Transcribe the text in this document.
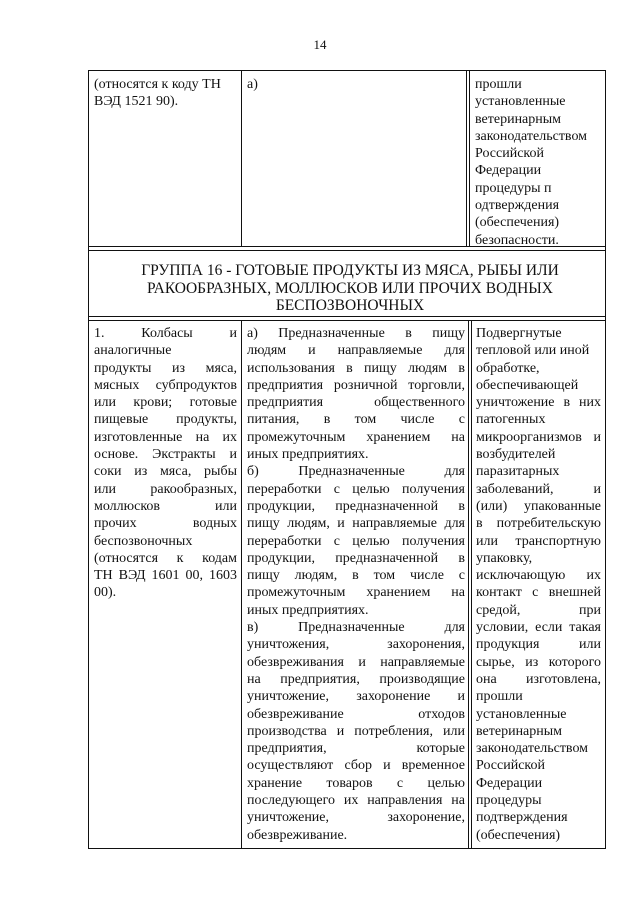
14
(относятся к коду ТН
ВЭД 1521 90).
а)	прошли
установленные
ветеринарным
законодательством
Российской
Федерации
процедуры п
одтверждения
(обеспечения)
безопасности.
ГРУППА 16 - ГОТОВЫЕ ПРОДУКТЫ ИЗ МЯСА, РЫБЫ ИЛИ
РАКООБРАЗНЫХ, МОЛЛЮСКОВ ИЛИ ПРОЧИХ ВОДНЫХ
БЕСПОЗВОНОЧНЫХ
1. Колбасы и
аналогичные
продукты из мяса,
мясных субпродуктов
или крови; готовые
пищевые продукты,
изготовленные на их
основе. Экстракты и
соки из мяса, рыбы
или ракообразных,
моллюсков или
прочих водных
беспозвоночных
(относятся к кодам
ТН ВЭД 1601 00, 1603
00).
а) Предназначенные в пищу
людям и направляемые для
использования в пищу людям в
предприятия розничной торговли,
предприятия общественного
питания, в том числе с
промежуточным хранением на
иных предприятиях.
б) Предназначенные для
переработки с целью получения
продукции, предназначенной в
пищу людям, и направляемые для
переработки с целью получения
продукции, предназначенной в
пищу людям, в том числе с
промежуточным хранением на
иных предприятиях.
в) Предназначенные для
уничтожения, захоронения,
обезвреживания и направляемые
на предприятия, производящие
уничтожение, захоронение и
обезвреживание отходов
производства и потребления, или
предприятия, которые
осуществляют сбор и временное
хранение товаров с целью
последующего их направления на
уничтожение, захоронение,
обезвреживание.
Подвергнутые
тепловой или иной
обработке,
обеспечивающей
уничтожение в них
патогенных
микроорганизмов и
возбудителей
паразитарных
заболеваний, и
(или) упакованные
в потребительскую
или транспортную
упаковку,
исключающую их
контакт с внешней
средой, при
условии, если такая
продукция или
сырье, из которого
она изготовлена,
прошли
установленные
ветеринарным
законодательством
Российской
Федерации
процедуры
подтверждения
(обеспечения)
